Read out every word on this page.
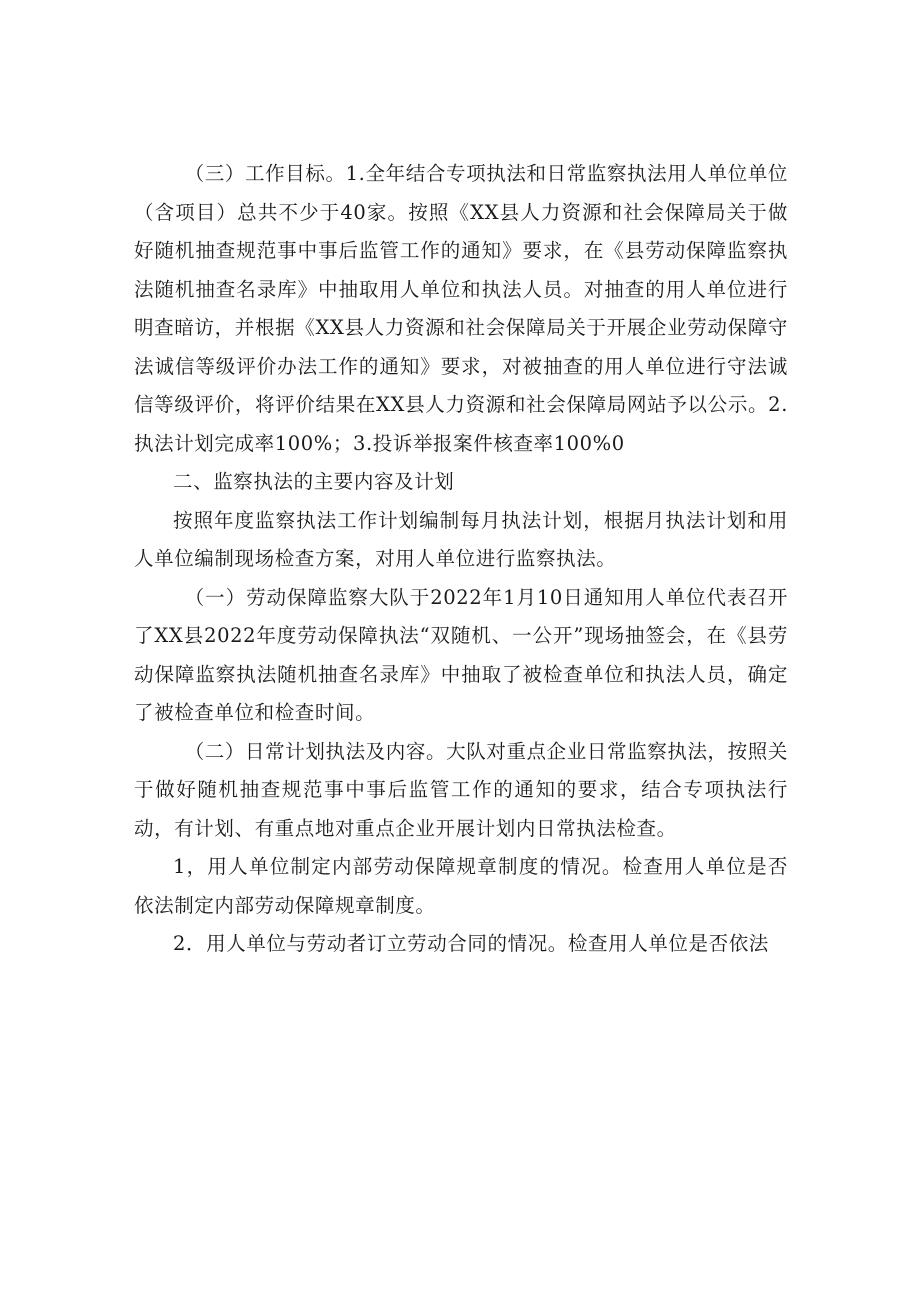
（三）工作目标。1.全年结合专项执法和日常监察执法用人单位单位（含项目）总共不少于40家。按照《XX县人力资源和社会保障局关于做好随机抽查规范事中事后监管工作的通知》要求，在《县劳动保障监察执法随机抽查名录库》中抽取用人单位和执法人员。对抽查的用人单位进行明查暗访，并根据《XX县人力资源和社会保障局关于开展企业劳动保障守法诚信等级评价办法工作的通知》要求，对被抽查的用人单位进行守法诚信等级评价，将评价结果在XX县人力资源和社会保障局网站予以公示。2.执法计划完成率100%；3.投诉举报案件核查率100%0

二、监察执法的主要内容及计划

按照年度监察执法工作计划编制每月执法计划，根据月执法计划和用人单位编制现场检查方案，对用人单位进行监察执法。

（一）劳动保障监察大队于2022年1月10日通知用人单位代表召开了XX县2022年度劳动保障执法“双随机、一公开”现场抽签会，在《县劳动保障监察执法随机抽查名录库》中抽取了被检查单位和执法人员，确定了被检查单位和检查时间。

（二）日常计划执法及内容。大队对重点企业日常监察执法，按照关于做好随机抽查规范事中事后监管工作的通知的要求，结合专项执法行动，有计划、有重点地对重点企业开展计划内日常执法检查。

1，用人单位制定内部劳动保障规章制度的情况。检查用人单位是否依法制定内部劳动保障规章制度。

2．用人单位与劳动者订立劳动合同的情况。检查用人单位是否依法
